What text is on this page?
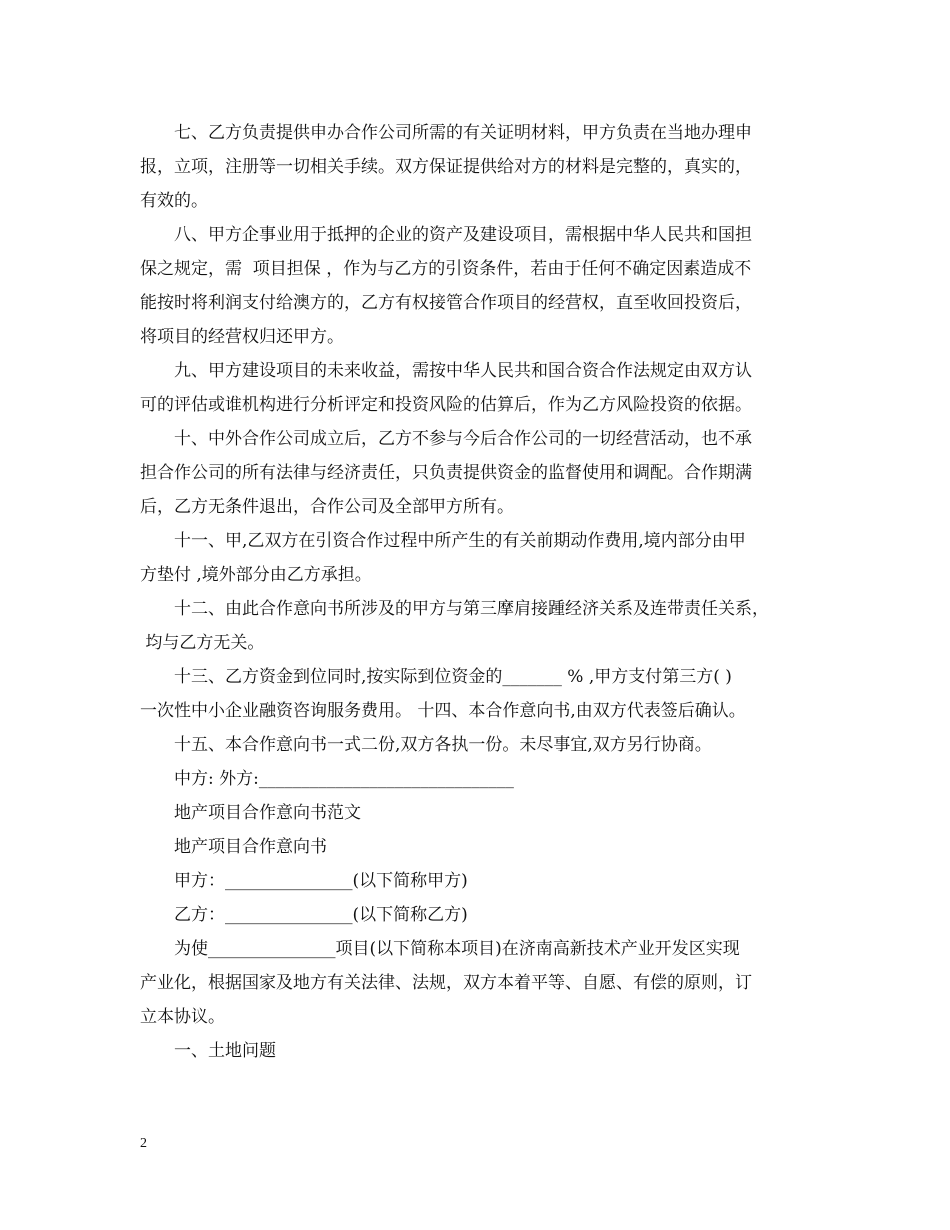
七、乙方负责提供申办合作公司所需的有关证明材料，甲方负责在当地办理申
报，立项，注册等一切相关手续。双方保证提供给对方的材料是完整的，真实的，
有效的。
八、甲方企事业用于抵押的企业的资产及建设项目，需根据中华人民共和国担
保之规定，需  项目担保 ，作为与乙方的引资条件，若由于任何不确定因素造成不
能按时将利润支付给澳方的，乙方有权接管合作项目的经营权，直至收回投资后，
将项目的经营权归还甲方。
九、甲方建设项目的未来收益，需按中华人民共和国合资合作法规定由双方认
可的评估或谁机构进行分析评定和投资风险的估算后，作为乙方风险投资的依据。
十、中外合作公司成立后，乙方不参与今后合作公司的一切经营活动，也不承
担合作公司的所有法律与经济责任，只负责提供资金的监督使用和调配。合作期满
后，乙方无条件退出，合作公司及全部甲方所有。
十一、甲,乙双方在引资合作过程中所产生的有关前期动作费用,境内部分由甲
方垫付 ,境外部分由乙方承担。
十二、由此合作意向书所涉及的甲方与第三摩肩接踵经济关系及连带责任关系，
均与乙方无关。
十三、乙方资金到位同时,按实际到位资金的_______ % ,甲方支付第三方( )
一次性中小企业融资咨询服务费用。 十四、本合作意向书,由双方代表签后确认。
十五、本合作意向书一式二份,双方各执一份。未尽事宜,双方另行协商。
中方: 外方:______________________________
地产项目合作意向书范文
地产项目合作意向书
甲方：_______________(以下简称甲方)
乙方：_______________(以下简称乙方)
为使_______________项目(以下简称本项目)在济南高新技术产业开发区实现
产业化，根据国家及地方有关法律、法规，双方本着平等、自愿、有偿的原则，订
立本协议。
一、土地问题
2
